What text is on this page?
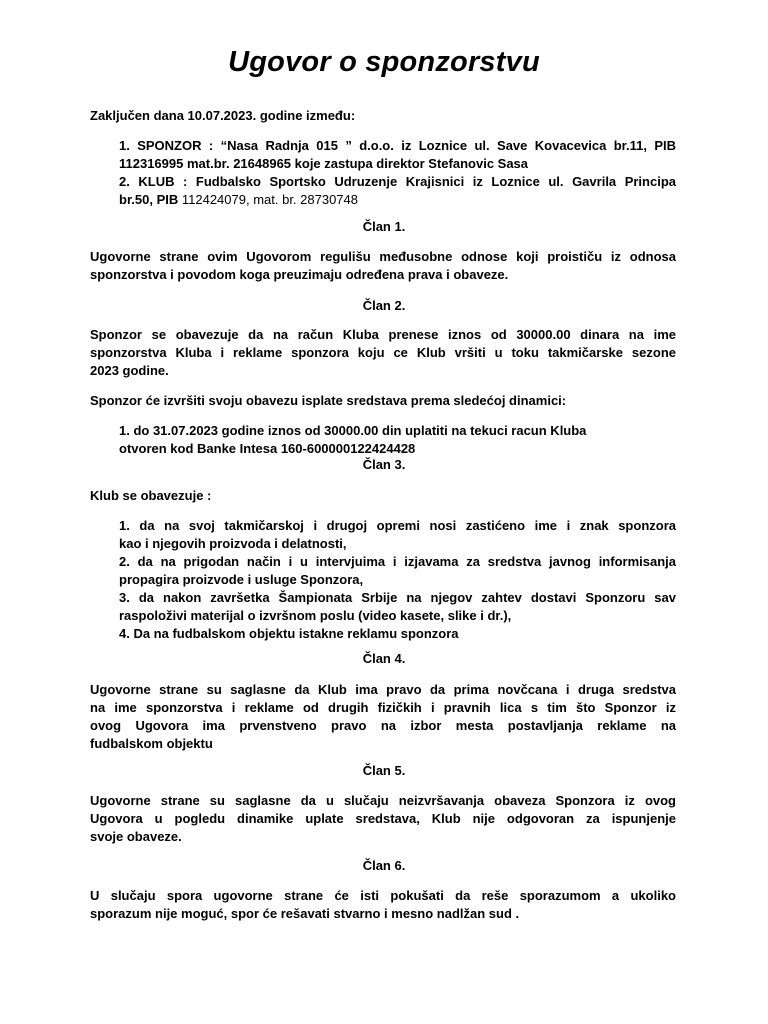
Ugovor o sponzorstvu
Zaključen dana 10.07.2023. godine između:
1. SPONZOR : “Nasa Radnja 015 ” d.o.o. iz Loznice ul. Save Kovacevica br.11, PIB
112316995 mat.br. 21648965 koje zastupa direktor Stefanovic Sasa
2. KLUB : Fudbalsko Sportsko Udruzenje Krajisnici iz Loznice ul. Gavrila Principa
br.50, PIB 112424079, mat. br. 28730748
Član 1.
Ugovorne strane ovim Ugovorom regulišu međusobne odnose koji proističu iz odnosa
sponzorstva i povodom koga preuzimaju određena prava i obaveze.
Član 2.
Sponzor se obavezuje da na račun Kluba prenese iznos od 30000.00 dinara na ime
sponzorstva Kluba i reklame sponzora koju ce Klub vršiti u toku takmičarske sezone
2023 godine.
Sponzor će izvršiti svoju obavezu isplate sredstava prema sledećoj dinamici:
1. do 31.07.2023 godine iznos od 30000.00 din uplatiti na tekuci racun Kluba
otvoren kod Banke Intesa 160-600000122424428
Član 3.
Klub se obavezuje :
1. da na svoj takmičarskoj i drugoj opremi nosi zastićeno ime i znak sponzora
kao i njegovih proizvoda i delatnosti,
2. da na prigodan nač​in i u intervjuima i izjavama za sredstva javnog informisanja
propagira proizvode i usluge Sponzora,
3. da nakon završetka Šampionata Srbije na njegov zahtev dostavi Sponzoru sav
raspoloživi materijal o izvršnom poslu (video kasete, slike i dr.),
4. Da na fudbalskom objektu istakne reklamu sponzora
Član 4.
Ugovorne strane su saglasne da Klub ima pravo da prima novčcana i druga sredstva
na ime sponzorstva i reklame od drugih fizičkih i pravnih lica s tim što Sponzor iz
ovog Ugovora ima prvenstveno pravo na izbor mesta postavljanja reklame na
fudbalskom objektu
Član 5.
Ugovorne strane su saglasne da u slučaju neizvršavanja obaveza Sponzora iz ovog
Ugovora u pogledu dinamike uplate sredstava, Klub nije odgovoran za ispunjenje
svoje obaveze.
Član 6.
U slučaju spora ugovorne strane će isti pokušati da reše sporazumom a ukoliko
sporazum nije moguć, spor će rešavati stvarno i mesno nadlžan sud .
